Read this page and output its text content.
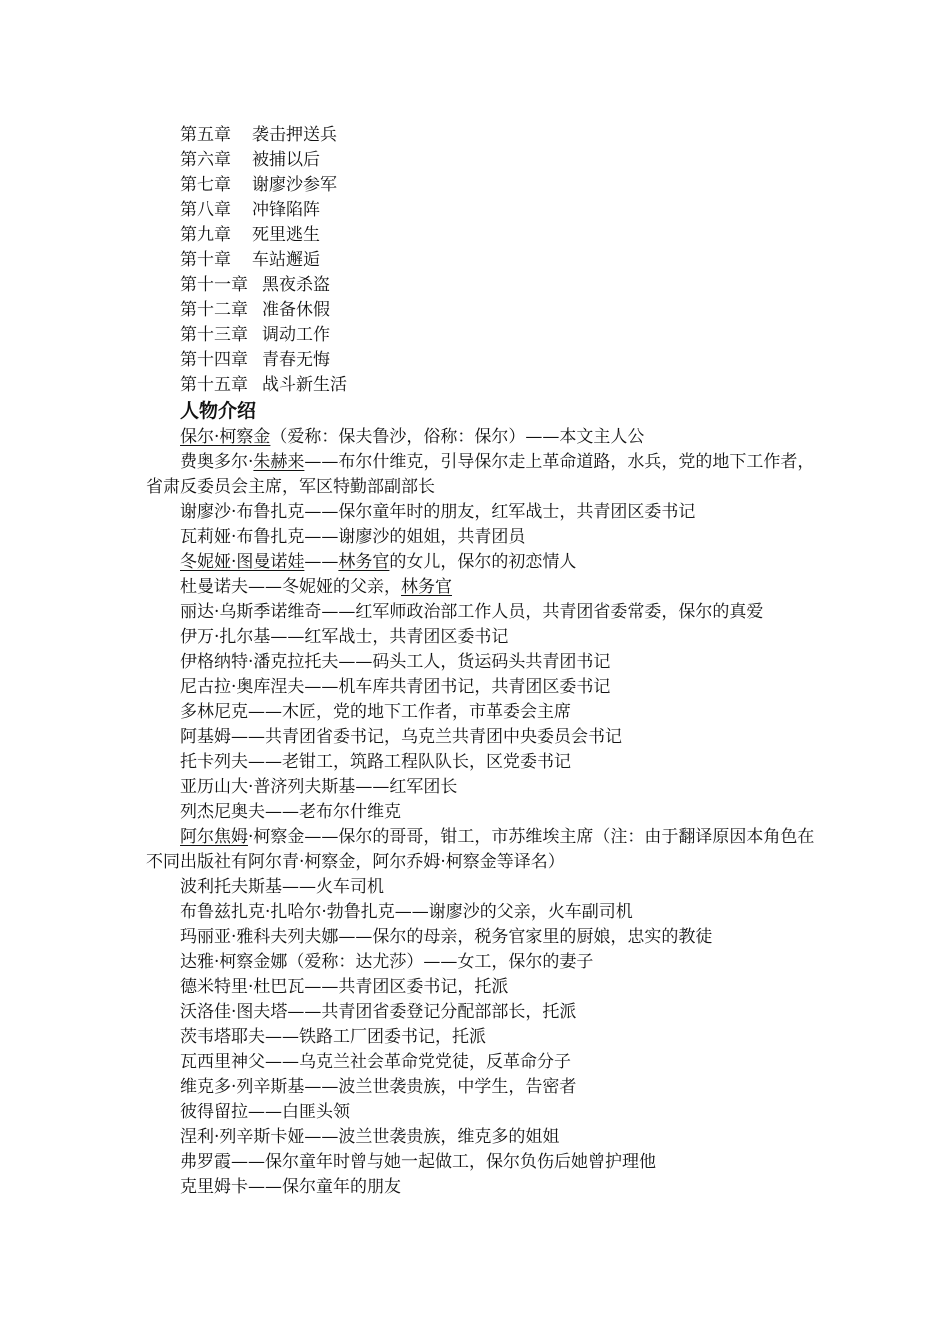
第五章 袭击押送兵
第六章 被捕以后
第七章 谢廖沙参军
第八章 冲锋陷阵
第九章 死里逃生
第十章 车站邂逅
第十一章 黑夜杀盗
第十二章 准备休假
第十三章 调动工作
第十四章 青春无悔
第十五章 战斗新生活
人物介绍

保尔·柯察金（爱称：保夫鲁沙，俗称：保尔）——本文主人公

费奥多尔·朱赫来——布尔什维克，引导保尔走上革命道路，水兵，党的地下工作者，省肃反委员会主席，军区特勤部副部长

谢廖沙·布鲁扎克——保尔童年时的朋友，红军战士，共青团区委书记

瓦莉娅·布鲁扎克——谢廖沙的姐姐，共青团员

冬妮娅·图曼诺娃——林务官的女儿，保尔的初恋情人

杜曼诺夫——冬妮娅的父亲，林务官

丽达·乌斯季诺维奇——红军师政治部工作人员，共青团省委常委，保尔的真爱

伊万·扎尔基——红军战士，共青团区委书记

伊格纳特·潘克拉托夫——码头工人，货运码头共青团书记

尼古拉·奥库涅夫——机车库共青团书记，共青团区委书记

多林尼克——木匠，党的地下工作者，市革委会主席

阿基姆——共青团省委书记，乌克兰共青团中央委员会书记

托卡列夫——老钳工，筑路工程队队长，区党委书记

亚历山大·普济列夫斯基——红军团长

列杰尼奥夫——老布尔什维克

阿尔焦姆·柯察金——保尔的哥哥，钳工，市苏维埃主席（注：由于翻译原因本角色在不同出版社有阿尔青·柯察金，阿尔乔姆·柯察金等译名）

波利托夫斯基——火车司机

布鲁兹扎克·扎哈尔·勃鲁扎克——谢廖沙的父亲，火车副司机

玛丽亚·雅科夫列夫娜——保尔的母亲，税务官家里的厨娘，忠实的教徒

达雅·柯察金娜（爱称：达尤莎）——女工，保尔的妻子

德米特里·杜巴瓦——共青团区委书记，托派

沃洛佳·图夫塔——共青团省委登记分配部部长，托派

茨韦塔耶夫——铁路工厂团委书记，托派

瓦西里神父——乌克兰社会革命党党徒，反革命分子

维克多·列辛斯基——波兰世袭贵族，中学生，告密者

彼得留拉——白匪头领

涅利·列辛斯卡娅——波兰世袭贵族，维克多的姐姐

弗罗霞——保尔童年时曾与她一起做工，保尔负伤后她曾护理他

克里姆卡——保尔童年的朋友
